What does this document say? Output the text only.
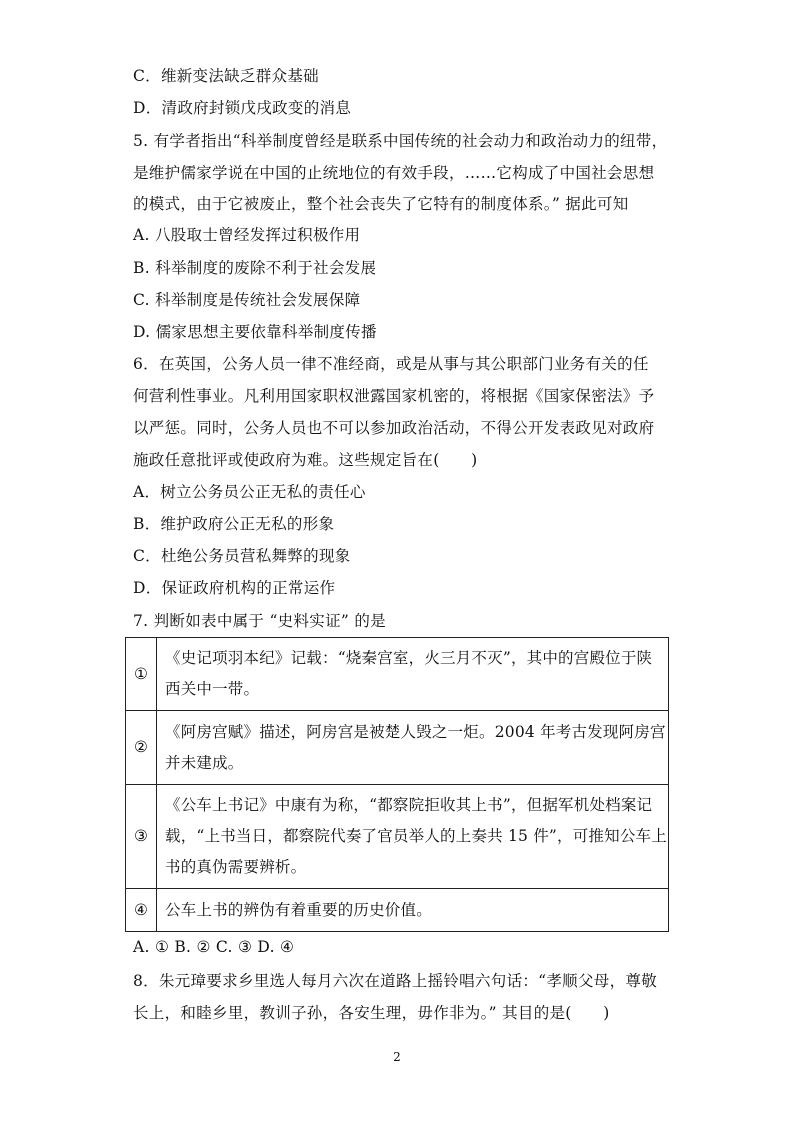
C．维新变法缺乏群众基础
D．清政府封锁戊戌政变的消息
5. 有学者指出“科举制度曾经是联系中国传统的社会动力和政治动力的纽带，
是维护儒家学说在中国的止统地位的有效手段，……它构成了中国社会思想
的模式，由于它被废止，整个社会丧失了它特有的制度体系。” 据此可知
A. 八股取士曾经发挥过积极作用
B. 科举制度的废除不利于社会发展
C. 科举制度是传统社会发展保障
D. 儒家思想主要依靠科举制度传播
6．在英国，公务人员一律不准经商，或是从事与其公职部门业务有关的任
何营利性事业。凡利用国家职权泄露国家机密的，将根据《国家保密法》予
以严惩。同时，公务人员也不可以参加政治活动，不得公开发表政见对政府
施政任意批评或使政府为难。这些规定旨在(　　)
A．树立公务员公正无私的责任心
B．维护政府公正无私的形象
C．杜绝公务员营私舞弊的现象
D．保证政府机构的正常运作
7. 判断如表中属于 “史料实证” 的是
①	《史记项羽本纪》记载：“烧秦宫室，火三月不灭”，其中的宫殿位于陕
西关中一带。

②	《阿房宫赋》描述，阿房宫是被楚人毁之一炬。2004 年考古发现阿房宫
并未建成。

③	《公车上书记》中康有为称，“都察院拒收其上书”，但据军机处档案记
载，“上书当日，都察院代奏了官员举人的上奏共 15 件”，可推知公车上
书的真伪需要辨析。

④	公车上书的辨伪有着重要的历史价值。
A. ① B. ② C. ③ D. ④
8．朱元璋要求乡里选人每月六次在道路上摇铃唱六句话：“孝顺父母，尊敬
长上，和睦乡里，教训子孙，各安生理，毋作非为。” 其目的是(　　)
2
